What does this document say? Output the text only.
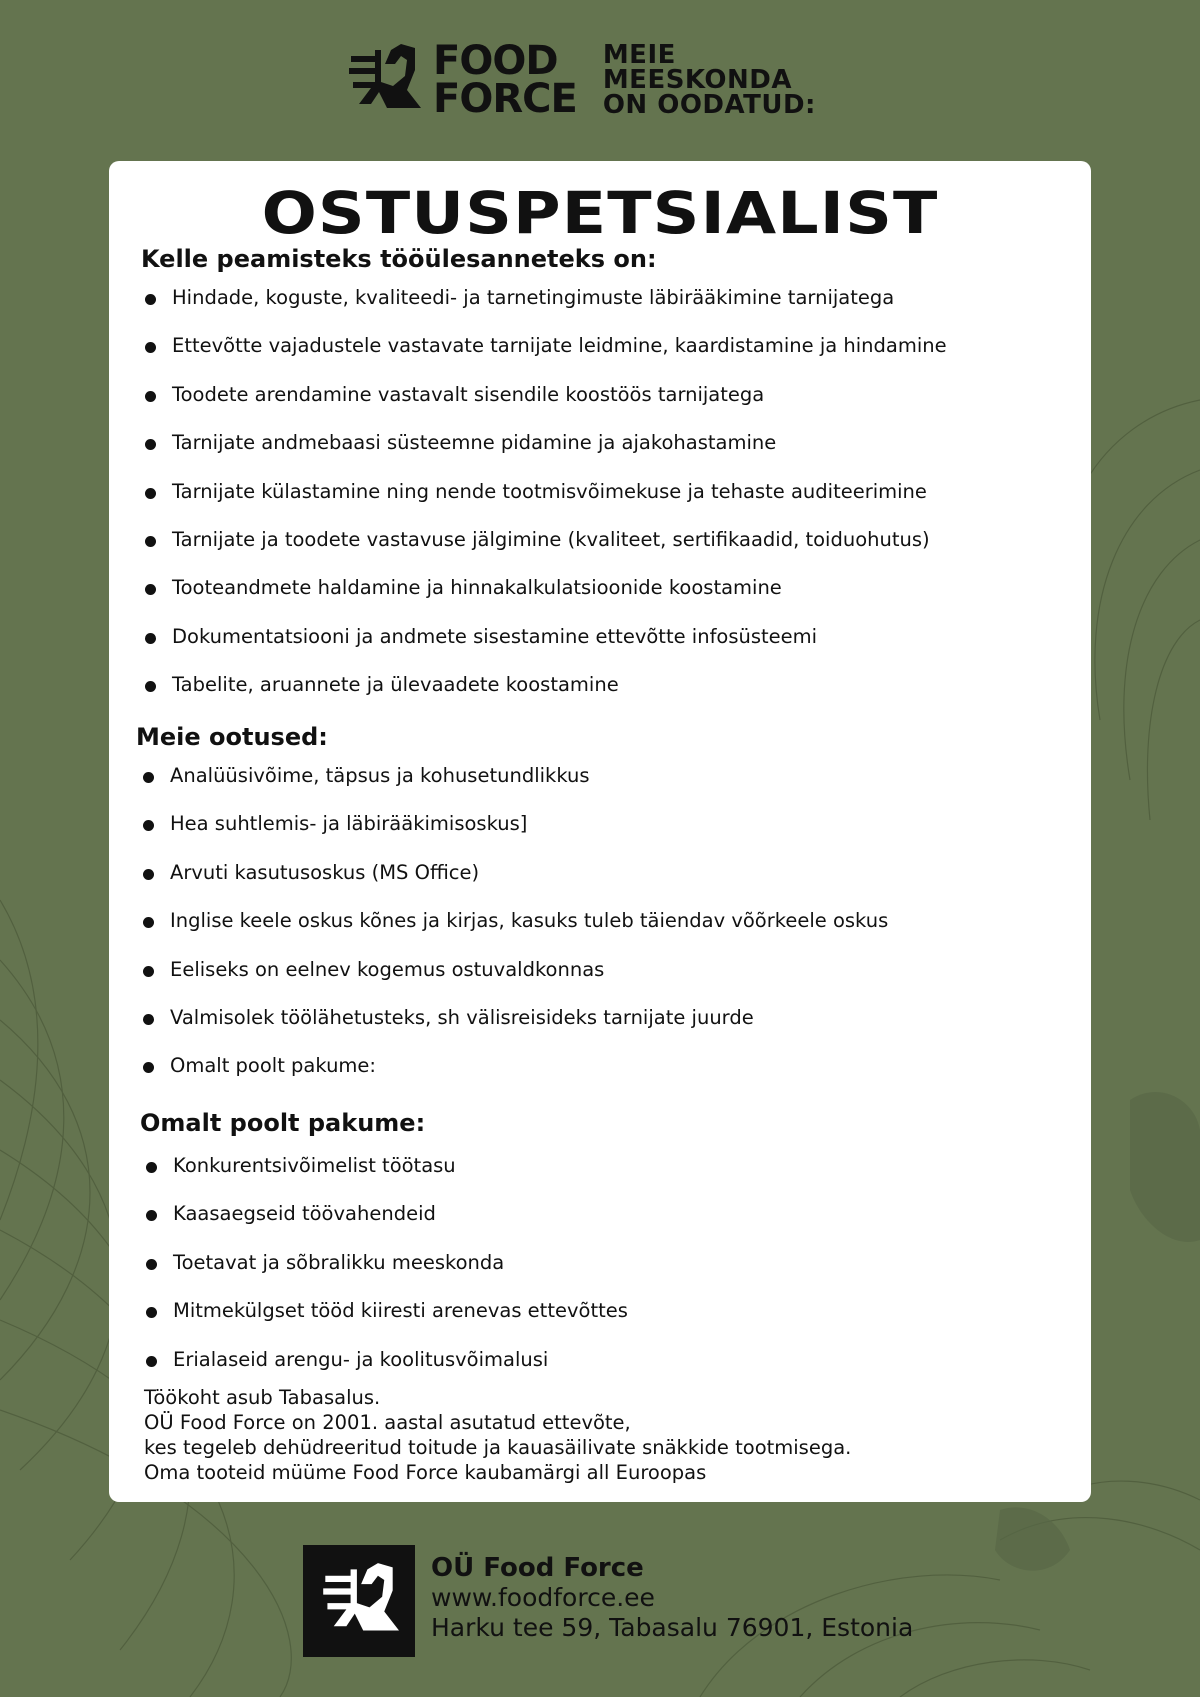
FOOD
FORCE
MEIE
MEESKONDA
ON OODATUD:
OSTUSPETSIALIST
Kelle peamisteks tööülesanneteks on:
Hindade, koguste, kvaliteedi- ja tarnetingimuste läbirääkimine tarnijatega
Ettevõtte vajadustele vastavate tarnijate leidmine, kaardistamine ja hindamine
Toodete arendamine vastavalt sisendile koostöös tarnijatega
Tarnijate andmebaasi süsteemne pidamine ja ajakohastamine
Tarnijate külastamine ning nende tootmisvõimekuse ja tehaste auditeerimine
Tarnijate ja toodete vastavuse jälgimine (kvaliteet, sertifikaadid, toiduohutus)
Tooteandmete haldamine ja hinnakalkulatsioonide koostamine
Dokumentatsiooni ja andmete sisestamine ettevõtte infosüsteemi
Tabelite, aruannete ja ülevaadete koostamine
Meie ootused:
Analüüsivõime, täpsus ja kohusetundlikkus
Hea suhtlemis- ja läbirääkimisoskus]
Arvuti kasutusoskus (MS Office)
Inglise keele oskus kõnes ja kirjas, kasuks tuleb täiendav võõrkeele oskus
Eeliseks on eelnev kogemus ostuvaldkonnas
Valmisolek töölähetusteks, sh välisreisideks tarnijate juurde
Omalt poolt pakume:
Omalt poolt pakume:
Konkurentsivõimelist töötasu
Kaasaegseid töövahendeid
Toetavat ja sõbralikku meeskonda
Mitmekülgset tööd kiiresti arenevas ettevõttes
Erialaseid arengu- ja koolitusvõimalusi
Töökoht asub Tabasalus.
OÜ Food Force on 2001. aastal asutatud ettevõte,
kes tegeleb dehüdreeritud toitude ja kauasäilivate snäkkide tootmisega.
Oma tooteid müüme Food Force kaubamärgi all Euroopas
OÜ Food Force
www.foodforce.ee
Harku tee 59, Tabasalu 76901, Estonia
